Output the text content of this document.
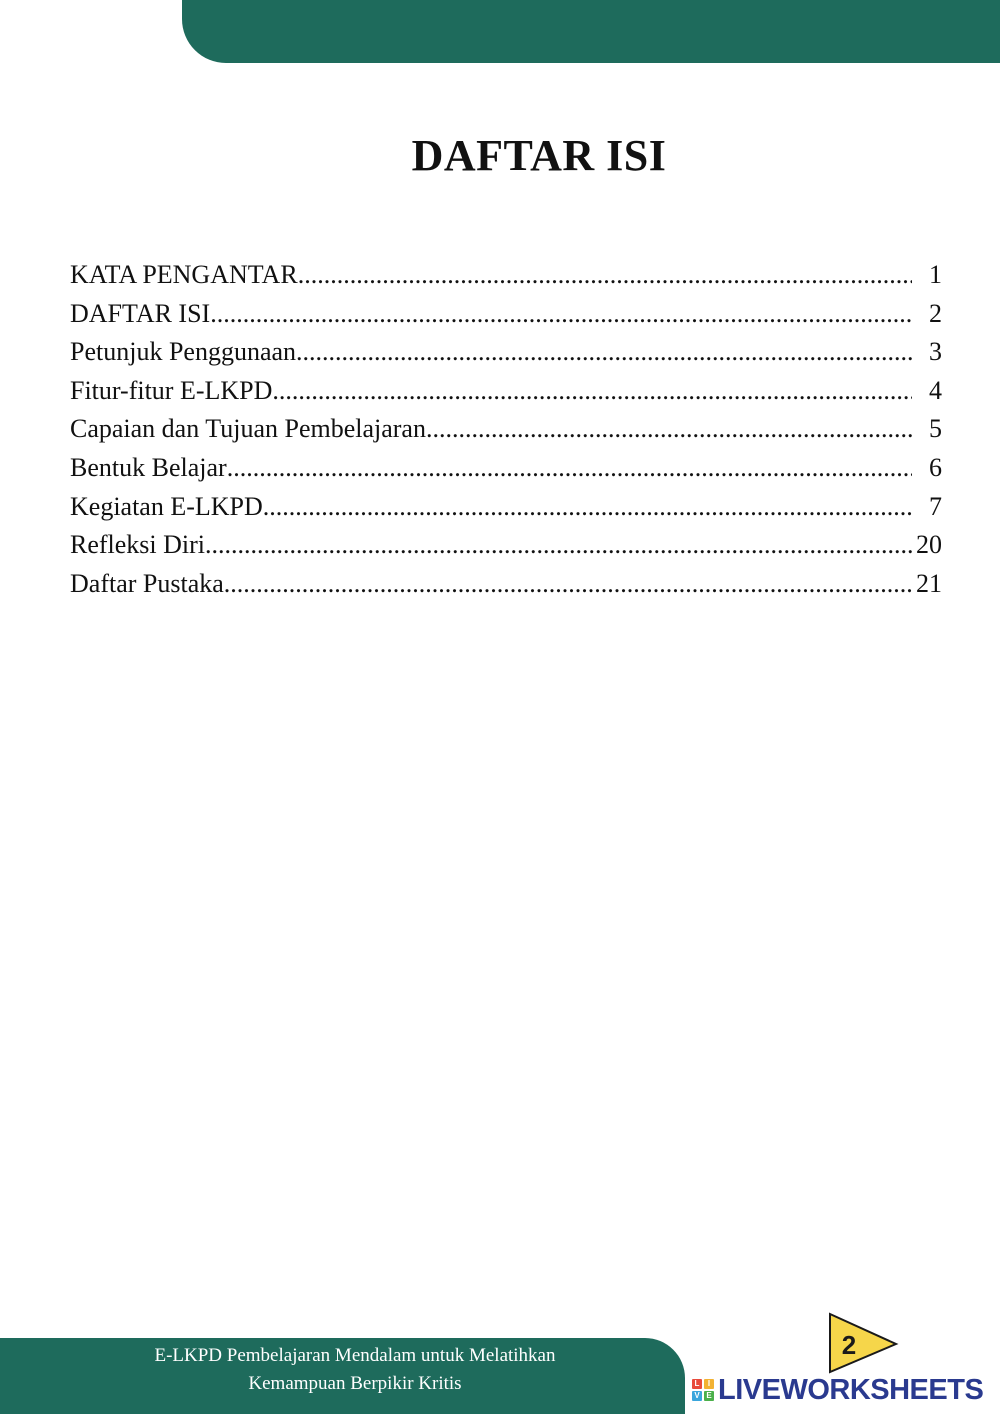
DAFTAR ISI
KATA PENGANTAR .....	1
DAFTAR ISI .....	2
Petunjuk Penggunaan .....	3
Fitur-fitur E-LKPD .....	4
Capaian dan Tujuan Pembelajaran .....	5
Bentuk Belajar .....	6
Kegiatan E-LKPD .....	7
Refleksi Diri .....	20
Daftar Pustaka .....	21
E-LKPD Pembelajaran Mendalam untuk Melatihkan
Kemampuan Berpikir Kritis
2
L	I
V E LIVEWORKSHEETS
